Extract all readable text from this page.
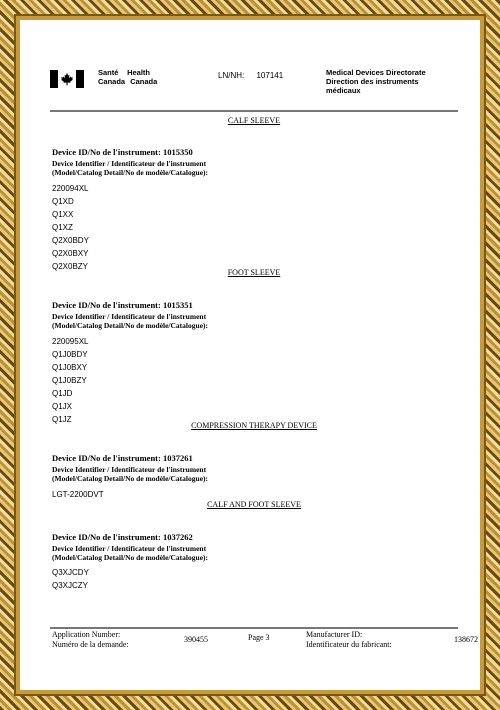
Santé Health
Canada Canada
LN/NH: 107141	Medical Devices Directorate
Direction des instruments médicaux
CALF SLEEVE
Device ID/No de l'instrument: 1015350
Device Identifier / Identificateur de l'instrument
(Model/Catalog Detail/No de modèle/Catalogue):
220094XL
Q1XD
Q1XX
Q1XZ
Q2X0BDY
Q2X0BXY
Q2X0BZY
FOOT SLEEVE
Device ID/No de l'instrument: 1015351
Device Identifier / Identificateur de l'instrument
(Model/Catalog Detail/No de modèle/Catalogue):
220095XL
Q1J0BDY
Q1J0BXY
Q1J0BZY
Q1JD
Q1JX
Q1JZ
COMPRESSION THERAPY DEVICE
Device ID/No de l'instrument: 1037261
Device Identifier / Identificateur de l'instrument
(Model/Catalog Detail/No de modèle/Catalogue):
LGT-2200DVT
CALF AND FOOT SLEEVE
Device ID/No de l'instrument: 1037262
Device Identifier / Identificateur de l'instrument
(Model/Catalog Detail/No de modèle/Catalogue):
Q3XJCDY
Q3XJCZY
Application Number:
Numéro de la demande:
390455	Page 3	Manufacturer ID:
Identificateur du fabricant:
138672
